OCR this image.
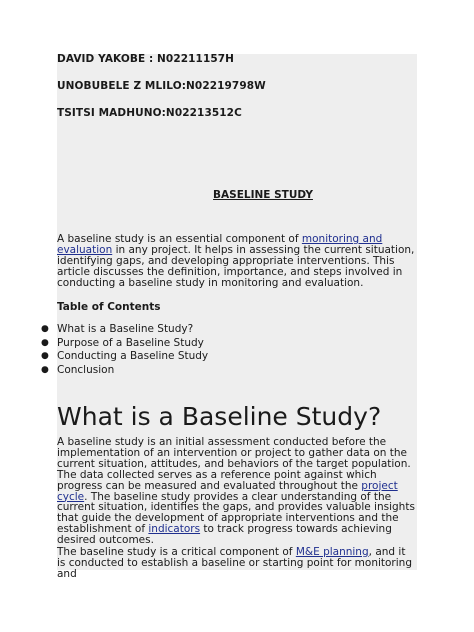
DAVID YAKOBE : N02211157H
UNOBUBELE Z MLILO:N02219798W
TSITSI MADHUNO:N02213512C
BASELINE STUDY
A baseline study is an essential component of monitoring and evaluation in any project. It helps in assessing the current situation, identifying gaps, and developing appropriate interventions. This article discusses the definition, importance, and steps involved in conducting a baseline study in monitoring and evaluation.
Table of Contents
● What is a Baseline Study?
● Purpose of a Baseline Study
● Conducting a Baseline Study
● Conclusion
What is a Baseline Study?
A baseline study is an initial assessment conducted before the implementation of an intervention or project to gather data on the current situation, attitudes, and behaviors of the target population. The data collected serves as a reference point against which progress can be measured and evaluated throughout the project cycle. The baseline study provides a clear understanding of the current situation, identifies the gaps, and provides valuable insights that guide the development of appropriate interventions and the establishment of indicators to track progress towards achieving desired outcomes.
The baseline study is a critical component of M&E planning, and it is conducted to establish a baseline or starting point for monitoring and
